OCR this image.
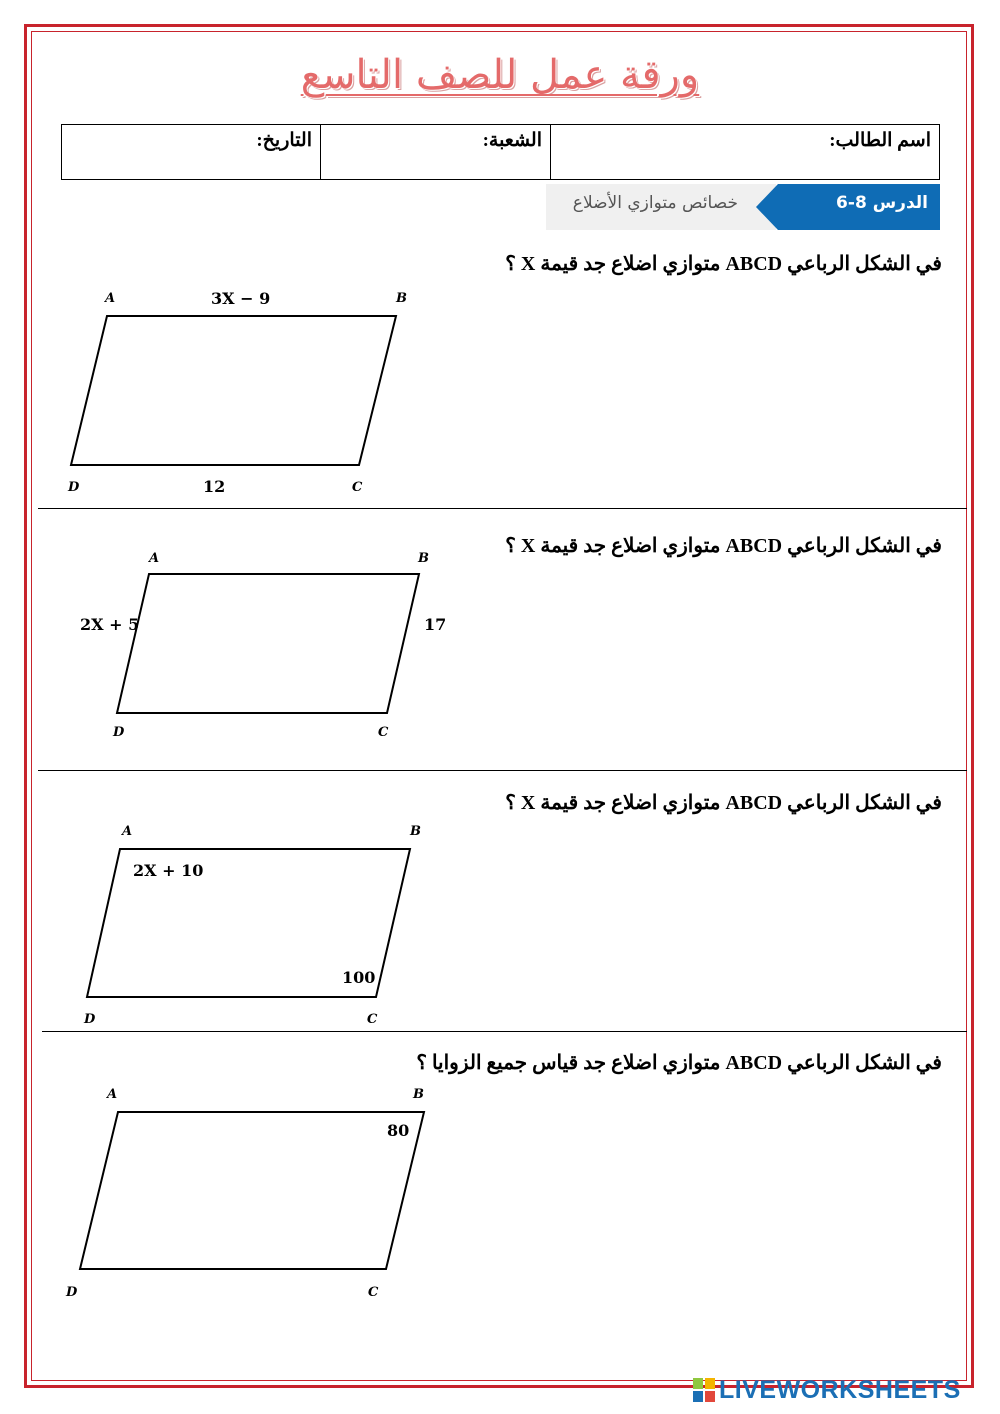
ورقة عمل للصف التاسع
اسم الطالب:	الشعبة:	التاريخ:
خصائص متوازي الأضلاع	الدرس 8-6
في الشكل الرباعي ABCD متوازي اضلاع جد قيمة X ؟
في الشكل الرباعي ABCD متوازي اضلاع جد قيمة X ؟
في الشكل الرباعي ABCD متوازي اضلاع جد قيمة X ؟
في الشكل الرباعي ABCD متوازي اضلاع جد قياس جميع الزوايا ؟
A	B
C
D
3X − 9
12
A	B
C
D
2X + 5	17
A	B
C
D
2X + 10
100
A	B
C
D
80
LIVEWORKSHEETS
